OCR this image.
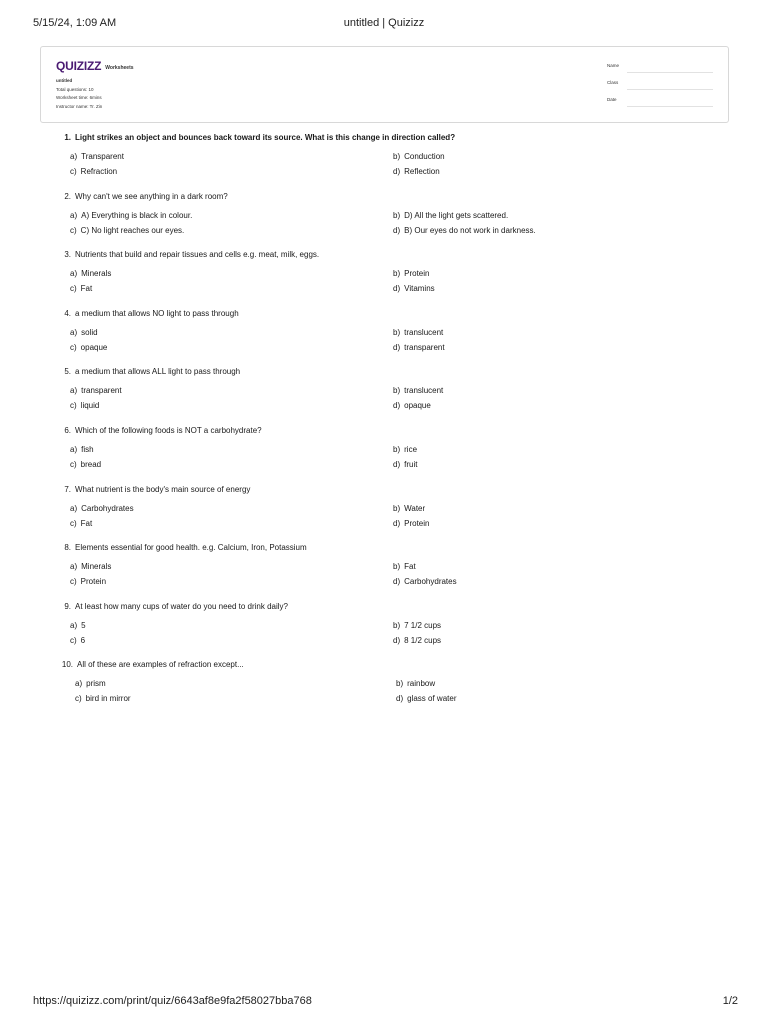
5/15/24, 1:09 AM	untitled | Quizizz
QUIZIZZ Worksheets
untitled
Total questions: 10
Worksheet time: 6mins
Instructor name: Tr. Zin
Name
Class
Date
1. Light strikes an object and bounces back toward its source. What is this change in direction called?
a) Transparent	b) Conduction
c) Refraction	d) Reflection
2. Why can't we see anything in a dark room?
a) A) Everything is black in colour.	b) D) All the light gets scattered.
c) C) No light reaches our eyes.	d) B) Our eyes do not work in darkness.
3. Nutrients that build and repair tissues and cells e.g. meat, milk, eggs.
a) Minerals	b) Protein
c) Fat	d) Vitamins
4. a medium that allows NO light to pass through
a) solid	b) translucent
c) opaque	d) transparent
5. a medium that allows ALL light to pass through
a) transparent	b) translucent
c) liquid	d) opaque
6. Which of the following foods is NOT a carbohydrate?
a) fish	b) rice
c) bread	d) fruit
7. What nutrient is the body's main source of energy
a) Carbohydrates	b) Water
c) Fat	d) Protein
8. Elements essential for good health. e.g. Calcium, Iron, Potassium
a) Minerals	b) Fat
c) Protein	d) Carbohydrates
9. At least how many cups of water do you need to drink daily?
a) 5	b) 7 1/2 cups
c) 6	d) 8 1/2 cups
10. All of these are examples of refraction except...
a) prism	b) rainbow
c) bird in mirror	d) glass of water
https://quizizz.com/print/quiz/6643af8e9fa2f58027bba768	1/2
